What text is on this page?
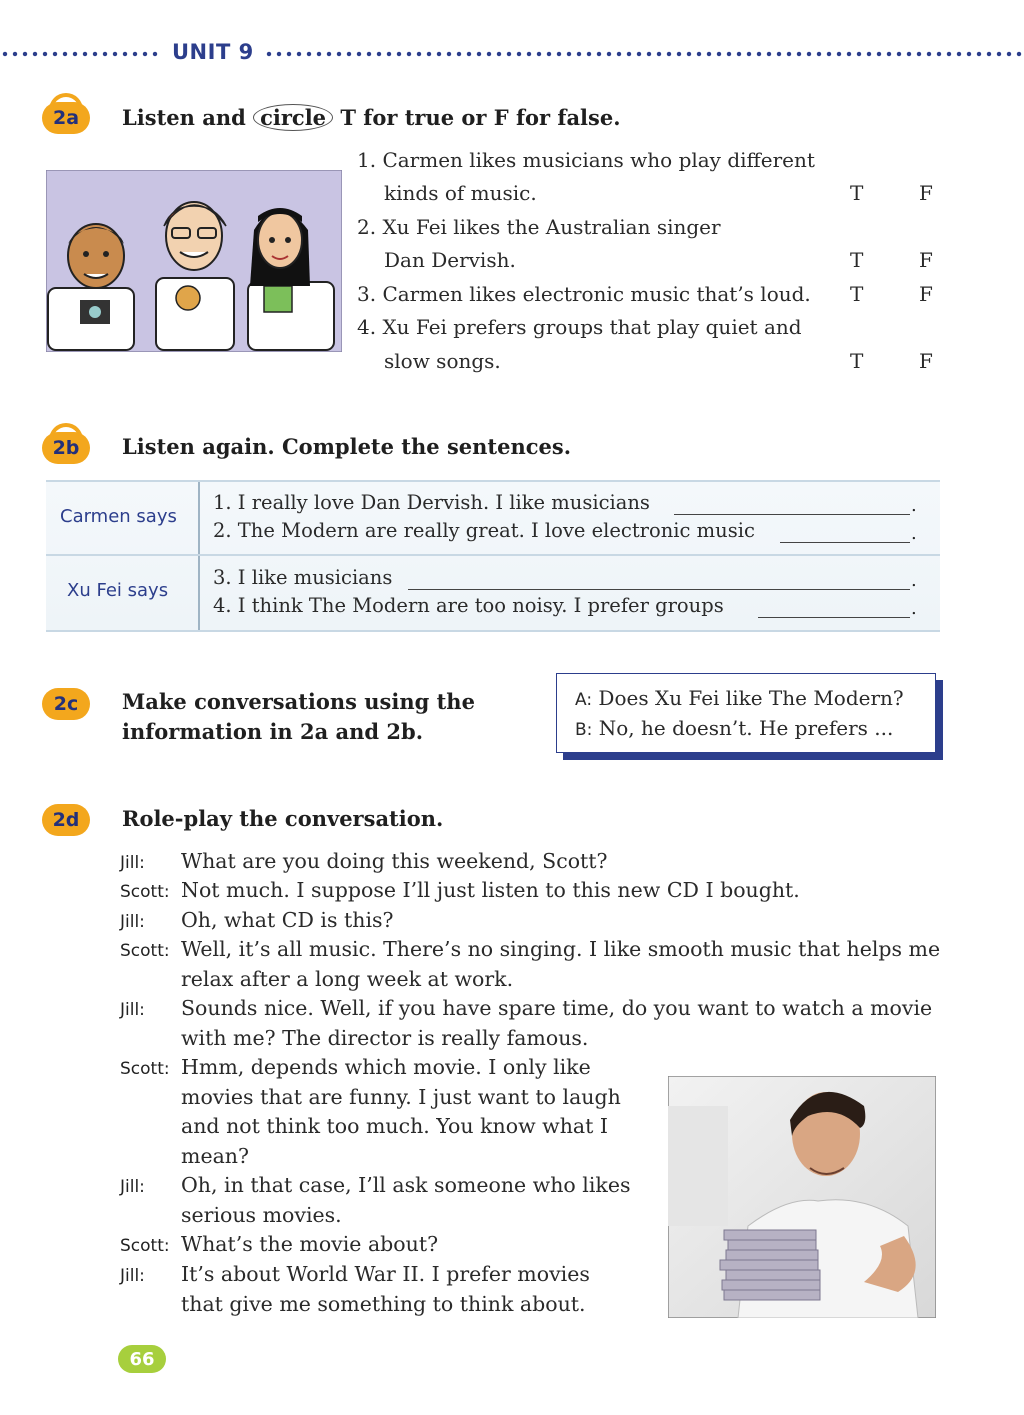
UNIT 9
2a Listen and circle T for true or F for false.
1. Carmen likes musicians who play different
kinds of music.	T	F
2. Xu Fei likes the Australian singer
Dan Dervish.	T	F
3. Carmen likes electronic music that’s loud. T	F
4. Xu Fei prefers groups that play quiet and
slow songs.	T	F
2b Listen again. Complete the sentences.
Carmen says
1. I really love Dan Dervish. I like musicians	.
2. The Modern are really great. I love electronic music	.
Xu Fei says
3. I like musicians	.
4. I think The Modern are too noisy. I prefer groups	.
2c Make conversations using the
information in 2a and 2b.
A: Does Xu Fei like The Modern?
B: No, he doesn’t. He prefers ...
2d Role-play the conversation.
Jill: What are you doing this weekend, Scott?
Scott: Not much. I suppose I’ll just listen to this new CD I bought.
Jill: Oh, what CD is this?
Scott: Well, it’s all music. There’s no singing. I like smooth music that helps me
relax after a long week at work.
Jill: Sounds nice. Well, if you have spare time, do you want to watch a movie
with me? The director is really famous.
Scott: Hmm, depends which movie. I only like
movies that are funny. I just want to laugh
and not think too much. You know what I
mean?
Jill: Oh, in that case, I’ll ask someone who likes
serious movies.
Scott: What’s the movie about?
Jill: It’s about World War II. I prefer movies
that give me something to think about.
66
